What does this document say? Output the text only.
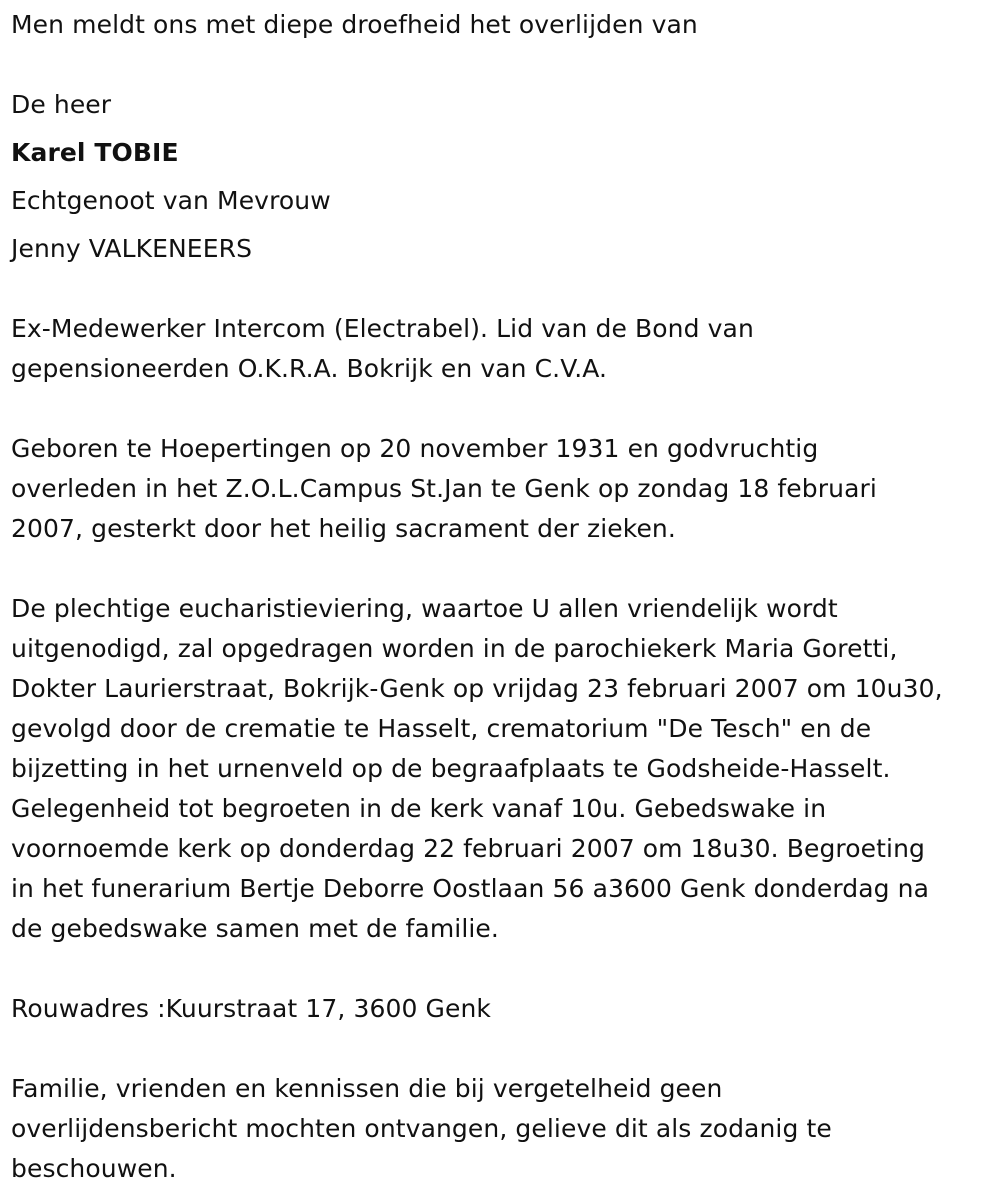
Men meldt ons met diepe droefheid het overlijden van
De heer
Karel TOBIE
Echtgenoot van Mevrouw
Jenny VALKENEERS
Ex-Medewerker Intercom (Electrabel). Lid van de Bond van
gepensioneerden O.K.R.A. Bokrijk en van C.V.A.
Geboren te Hoepertingen op 20 november 1931 en godvruchtig
overleden in het Z.O.L.Campus St.Jan te Genk op zondag 18 februari
2007, gesterkt door het heilig sacrament der zieken.
De plechtige eucharistieviering, waartoe U allen vriendelijk wordt
uitgenodigd, zal opgedragen worden in de parochiekerk Maria Goretti,
Dokter Laurierstraat, Bokrijk-Genk op vrijdag 23 februari 2007 om 10u30,
gevolgd door de crematie te Hasselt, crematorium "De Tesch" en de
bijzetting in het urnenveld op de begraafplaats te Godsheide-Hasselt.
Gelegenheid tot begroeten in de kerk vanaf 10u. Gebedswake in
voornoemde kerk op donderdag 22 februari 2007 om 18u30. Begroeting
in het funerarium Bertje Deborre Oostlaan 56 a3600 Genk donderdag na
de gebedswake samen met de familie.
Rouwadres :Kuurstraat 17, 3600 Genk
Familie, vrienden en kennissen die bij vergetelheid geen
overlijdensbericht mochten ontvangen, gelieve dit als zodanig te
beschouwen.
